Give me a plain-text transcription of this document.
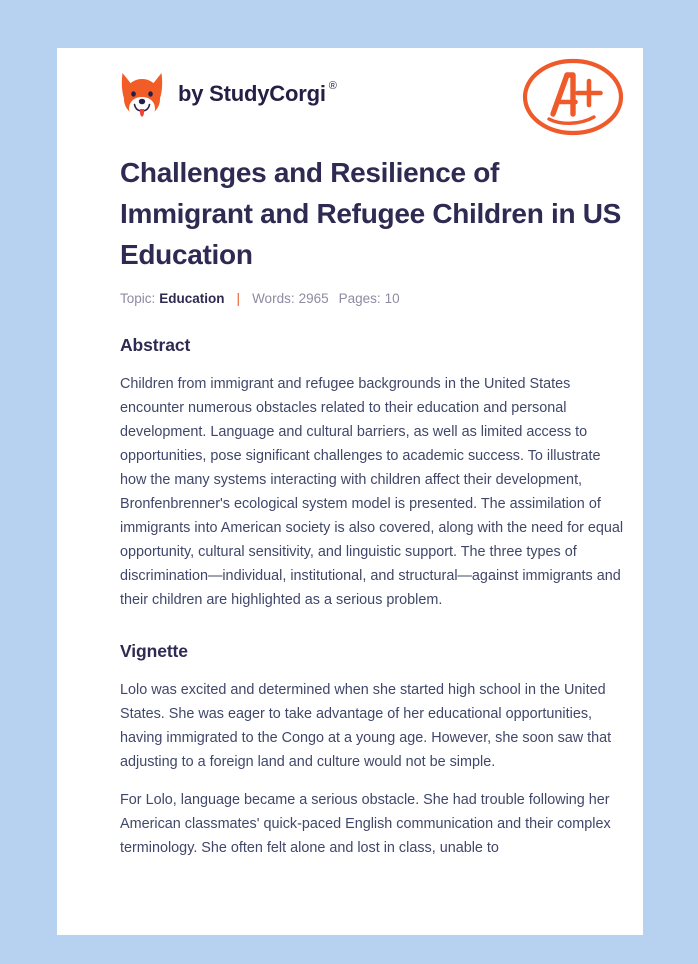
by StudyCorgi ®
Challenges and Resilience of Immigrant and Refugee Children in US Education
Topic: Education | Words: 2965 Pages: 10
Abstract

Children from immigrant and refugee backgrounds in the United States encounter numerous obstacles related to their education and personal development. Language and cultural barriers, as well as limited access to opportunities, pose significant challenges to academic success. To illustrate how the many systems interacting with children affect their development, Bronfenbrenner's ecological system model is presented. The assimilation of immigrants into American society is also covered, along with the need for equal opportunity, cultural sensitivity, and linguistic support. The three types of discrimination—individual, institutional, and structural—against immigrants and their children are highlighted as a serious problem.

Vignette

Lolo was excited and determined when she started high school in the United States. She was eager to take advantage of her educational opportunities, having immigrated to the Congo at a young age. However, she soon saw that adjusting to a foreign land and culture would not be simple.

For Lolo, language became a serious obstacle. She had trouble following her American classmates' quick-paced English communication and their complex terminology. She often felt alone and lost in class, unable to
